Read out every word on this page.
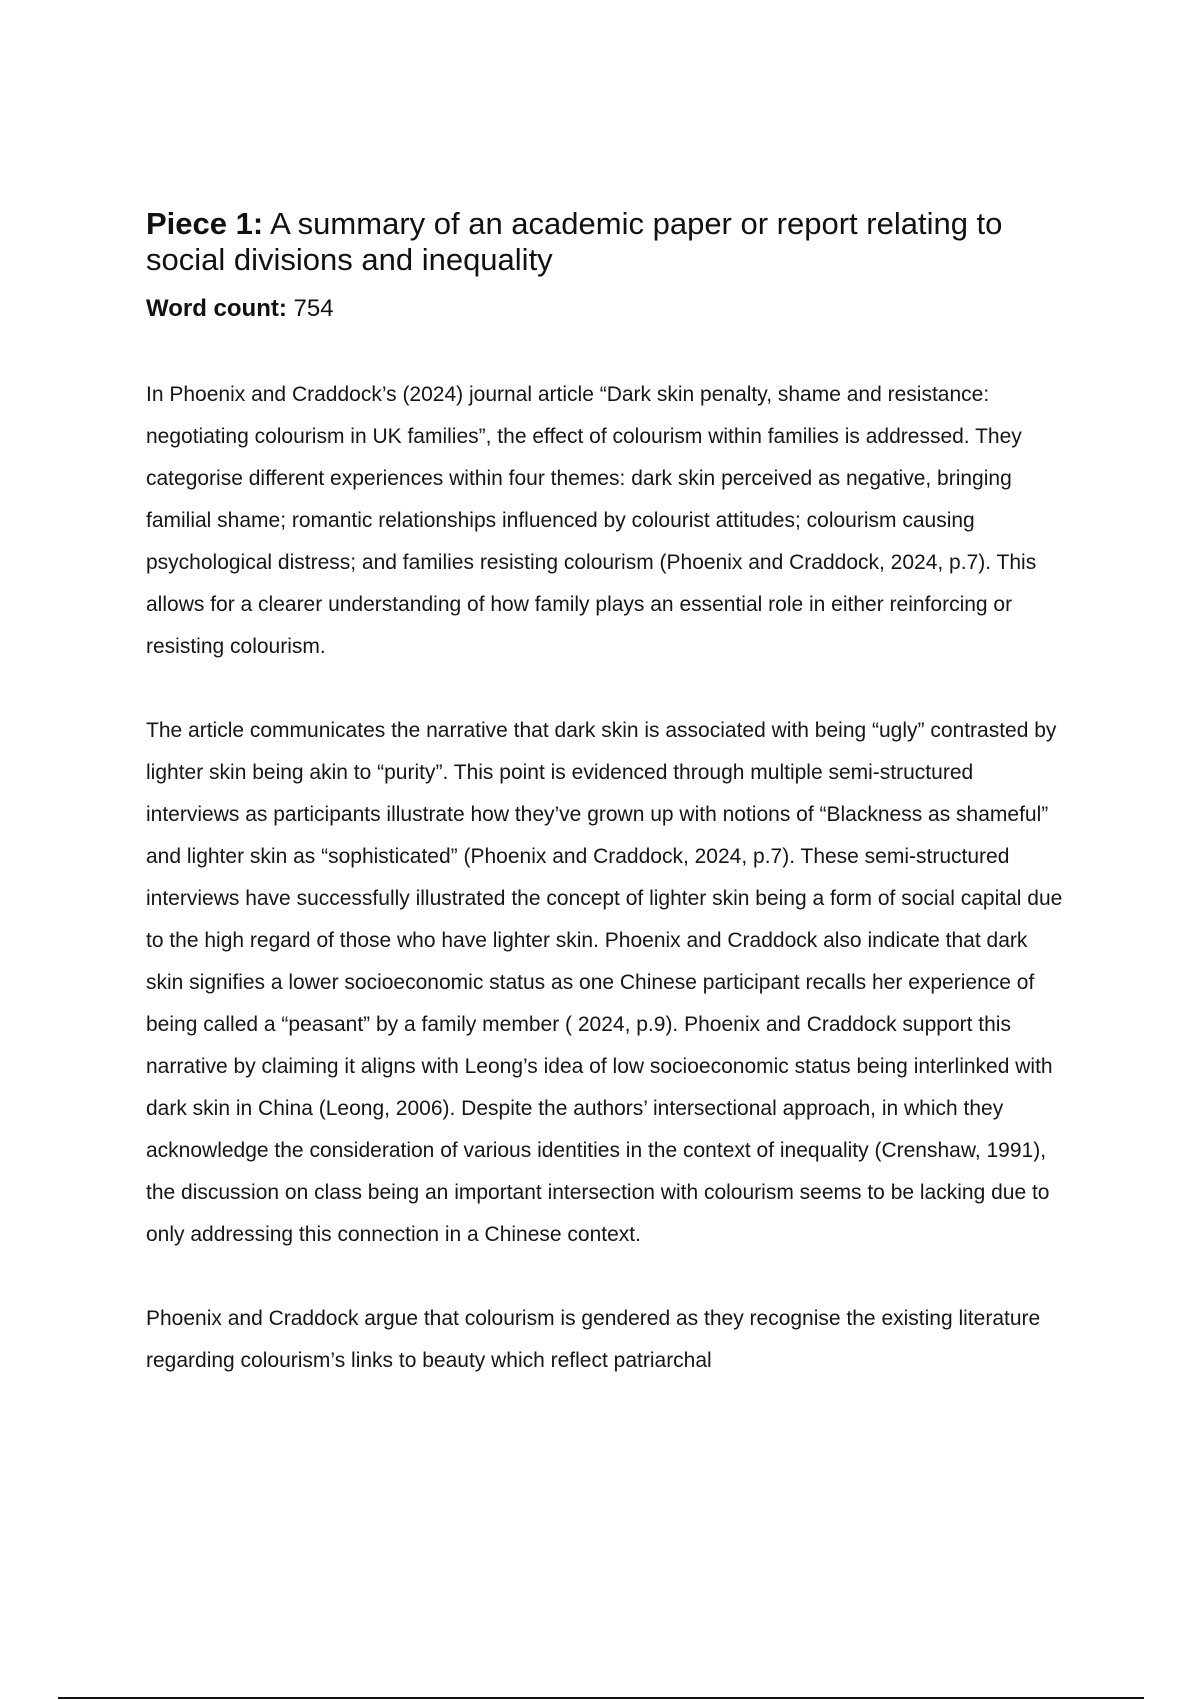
Piece 1: A summary of an academic paper or report relating to social divisions and inequality

Word count: 754

In Phoenix and Craddock’s (2024) journal article “Dark skin penalty, shame and resistance: negotiating colourism in UK families”, the effect of colourism within families is addressed. They categorise different experiences within four themes: dark skin perceived as negative, bringing familial shame; romantic relationships influenced by colourist attitudes; colourism causing psychological distress; and families resisting colourism (Phoenix and Craddock, 2024, p.7). This allows for a clearer understanding of how family plays an essential role in either reinforcing or resisting colourism.

The article communicates the narrative that dark skin is associated with being “ugly” contrasted by lighter skin being akin to “purity”. This point is evidenced through multiple semi-structured interviews as participants illustrate how they’ve grown up with notions of “Blackness as shameful” and lighter skin as “sophisticated” (Phoenix and Craddock, 2024, p.7). These semi-structured interviews have successfully illustrated the concept of lighter skin being a form of social capital due to the high regard of those who have lighter skin. Phoenix and Craddock also indicate that dark skin signifies a lower socioeconomic status as one Chinese participant recalls her experience of being called a “peasant” by a family member ( 2024, p.9). Phoenix and Craddock support this narrative by claiming it aligns with Leong’s idea of low socioeconomic status being interlinked with dark skin in China (Leong, 2006). Despite the authors’ intersectional approach, in which they acknowledge the consideration of various identities in the context of inequality (Crenshaw, 1991), the discussion on class being an important intersection with colourism seems to be lacking due to only addressing this connection in a Chinese context.

Phoenix and Craddock argue that colourism is gendered as they recognise the existing literature regarding colourism’s links to beauty which reflect patriarchal
